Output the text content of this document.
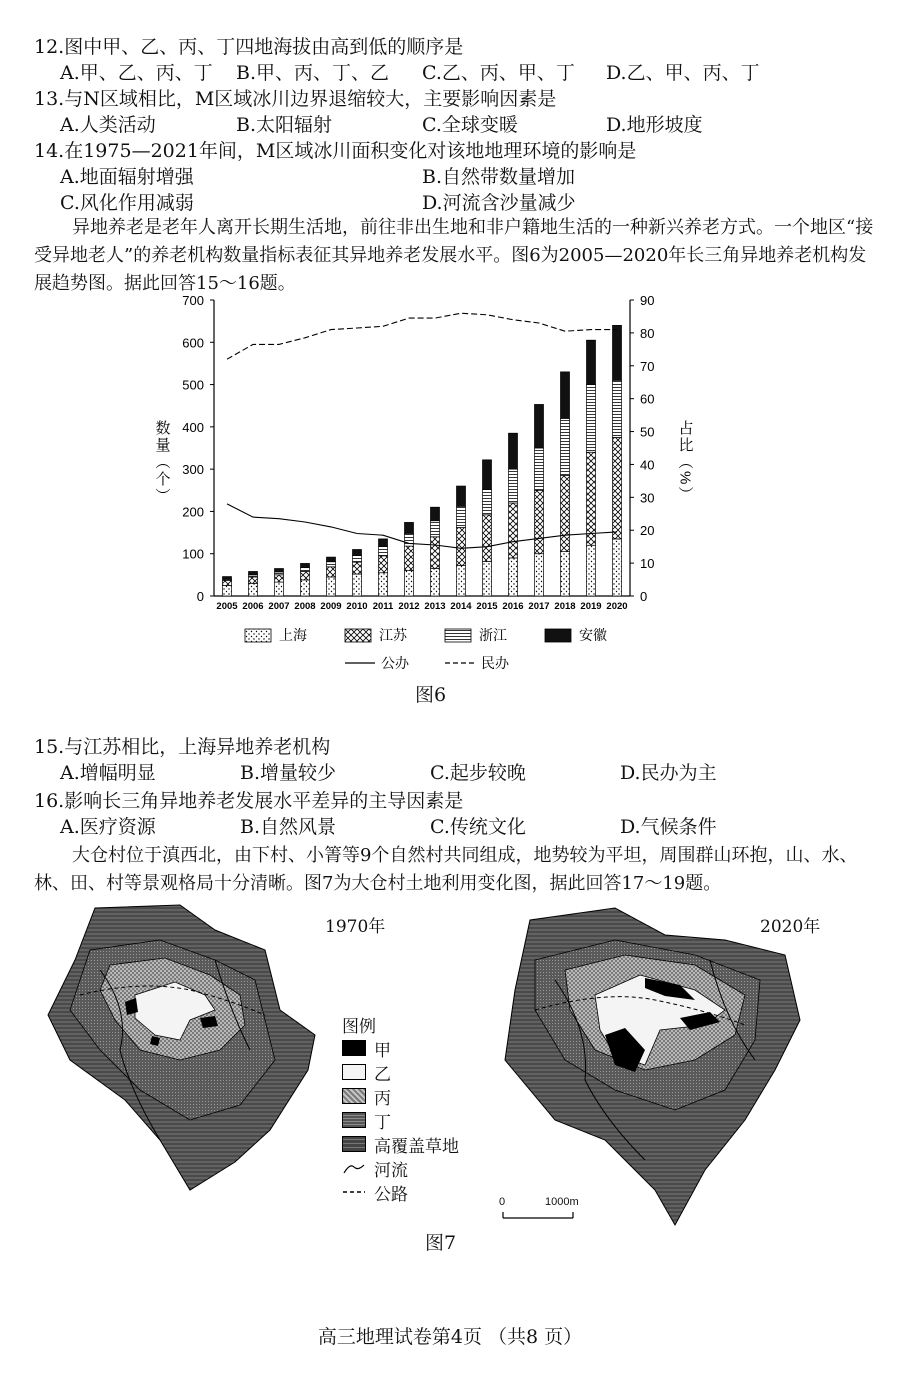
12.图中甲、乙、丙、丁四地海拔由高到低的顺序是
A.甲、乙、丙、丁 B.甲、丙、丁、乙 C.乙、丙、甲、丁 D.乙、甲、丙、丁
13.与N区域相比，M区域冰川边界退缩较大，主要影响因素是
A.人类活动	B.太阳辐射	C.全球变暖	D.地形坡度
14.在1975—2021年间，M区域冰川面积变化对该地地理环境的影响是
A.地面辐射增强	B.自然带数量增加
C.风化作用减弱	D.河流含沙量减少
异地养老是老年人离开长期生活地，前往非出生地和非户籍地生活的一种新兴养老方式。一个地区“接受异地老人”的养老机构数量指标表征其异地养老发展水平。图6为2005—2020年长三角异地养老机构发展趋势图。据此回答15～16题。
0
100
200
300
400
500
600
700
0
10
20
30
40
50
60
70
80
90
数量（个）	占比（%）
2005 2006 2007 2008 2009 2010 2011 2012 2013 2014 2015 2016 2017 2018 2019 2020
上海	江苏	浙江	安徽
公办	民办
图6
15.与江苏相比，上海异地养老机构
A.增幅明显	B.增量较少	C.起步较晚	D.民办为主
16.影响长三角异地养老发展水平差异的主导因素是
A.医疗资源	B.自然风景	C.传统文化	D.气候条件
大仓村位于滇西北，由下村、小箐等9个自然村共同组成，地势较为平坦，周围群山环抱，山、水、林、田、村等景观格局十分清晰。图7为大仓村土地利用变化图，据此回答17～19题。
1970年	2020年
图例
甲
乙
丙
丁
高覆盖草地
河流
公路	0	1000m
图7
高三地理试卷第4页 （共8 页）
